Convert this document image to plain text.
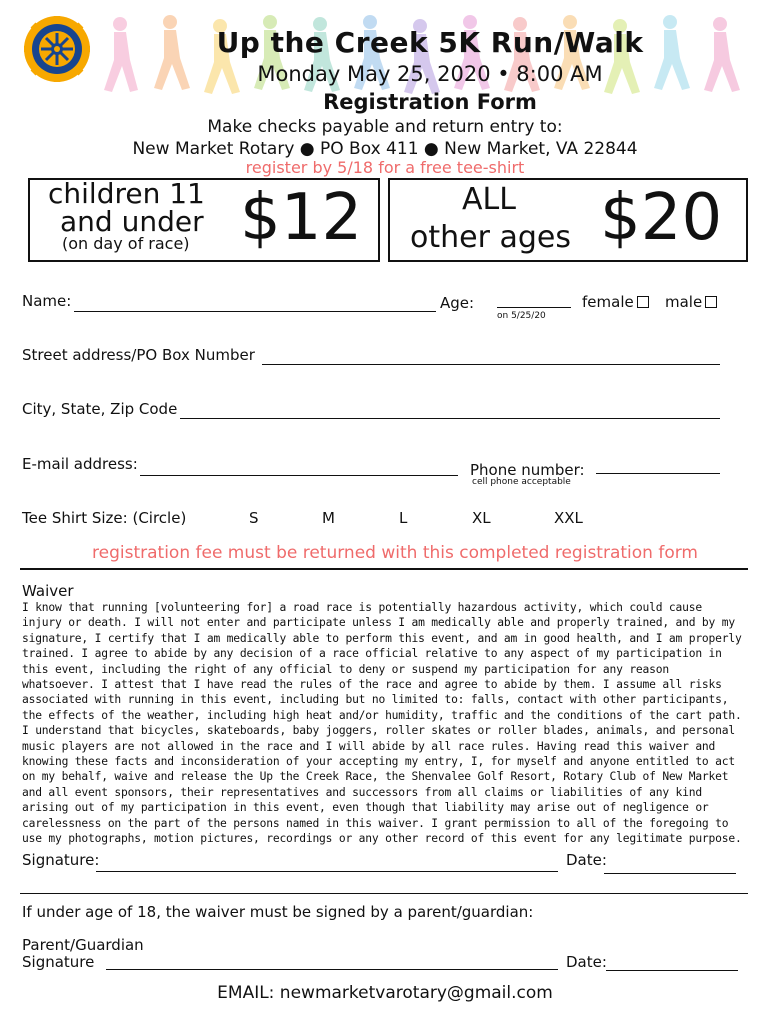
Up the Creek 5K Run/Walk
Monday May 25, 2020 • 8:00 AM
Registration Form
Make checks payable and return entry to:
New Market Rotary ● PO Box 411 ● New Market, VA 22844
register by 5/18 for a free tee-shirt
children 11
and under
(on day of race) $12	ALL
other ages $20
Name:	Age:
on 5/25/20
female	male
Street address/PO Box Number
City, State, Zip Code
E-mail address:	Phone number:
cell phone acceptable
Tee Shirt Size: (Circle)	S	M	L	XL	XXL
registration fee must be returned with this completed registration form
Waiver
I know that running [volunteering for] a road race is potentially hazardous activity, which could cause injury or death. I will not enter and participate unless I am medically able and properly trained, and by my signature, I certify that I am medically able to perform this event, and am in good health, and I am properly trained. I agree to abide by any decision of a race official relative to any aspect of my participation in this event, including the right of any official to deny or suspend my participation for any reason whatsoever. I attest that I have read the rules of the race and agree to abide by them. I assume all risks associated with running in this event, including but no limited to: falls, contact with other participants, the effects of the weather, including high heat and/or humidity, traffic and the conditions of the cart path. I understand that bicycles, skateboards, baby joggers, roller skates or roller blades, animals, and personal music players are not allowed in the race and I will abide by all race rules. Having read this waiver and knowing these facts and inconsideration of your accepting my entry, I, for myself and anyone entitled to act on my behalf, waive and release the Up the Creek Race, the Shenvalee Golf Resort, Rotary Club of New Market and all event sponsors, their representatives and successors from all claims or liabilities of any kind arising out of my participation in this event, even though that liability may arise out of negligence or carelessness on the part of the persons named in this waiver. I grant permission to all of the foregoing to use my photographs, motion pictures, recordings or any other record of this event for any legitimate purpose.
Signature:	Date:
If under age of 18, the waiver must be signed by a parent/guardian:
Parent/Guardian
Signature	Date:
EMAIL: newmarketvarotary@gmail.com
